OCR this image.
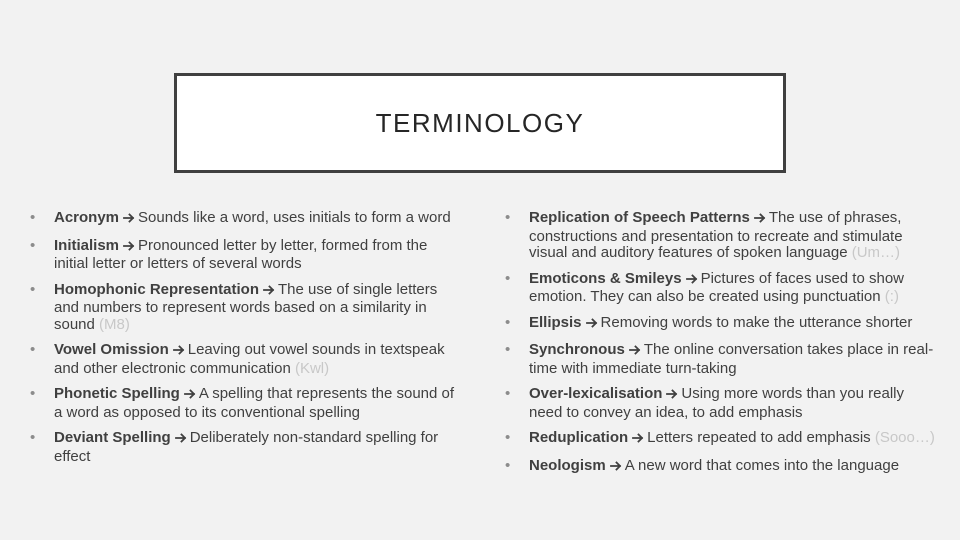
TERMINOLOGY
• Acronym Sounds like a word, uses initials to form a word
• Initialism Pronounced letter by letter, formed from the initial letter or letters of several words
• Homophonic Representation The use of single letters and numbers to represent words based on a similarity in sound (M8)
• Vowel Omission Leaving out vowel sounds in textspeak and other electronic communication (Kwl)
• Phonetic Spelling A spelling that represents the sound of a word as opposed to its conventional spelling
• Deviant Spelling Deliberately non-standard spelling for effect
• Replication of Speech Patterns The use of phrases, constructions and presentation to recreate and stimulate visual and auditory features of spoken language (Um…)
• Emoticons & Smileys Pictures of faces used to show emotion. They can also be created using punctuation (:)
• Ellipsis Removing words to make the utterance shorter
• Synchronous The online conversation takes place in real-time with immediate turn-taking
• Over-lexicalisation Using more words than you really need to convey an idea, to add emphasis
• Reduplication Letters repeated to add emphasis (Sooo…)
• Neologism A new word that comes into the language
